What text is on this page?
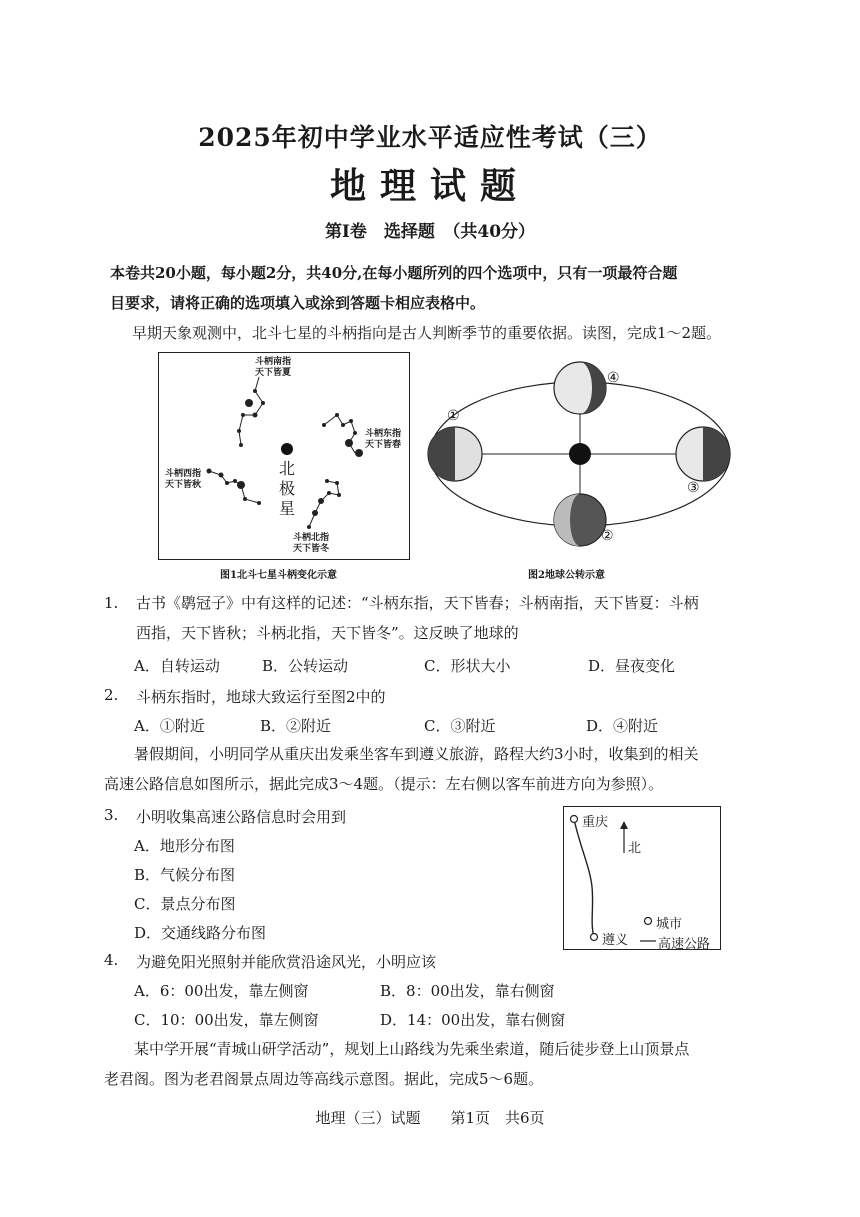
2025年初中学业水平适应性考试（三）
地理试题
第Ⅰ卷　选择题　（共40分）
本卷共20小题，每小题2分，共40分,在每小题所列的四个选项中，只有一项最符合题
目要求，请将正确的选项填入或涂到答题卡相应表格中。
早期天象观测中，北斗七星的斗柄指向是古人判断季节的重要依据。读图，完成1～2题。
斗柄南指
天下皆夏
斗柄东指
天下皆春
斗柄西指
天下皆秋
斗柄北指
天下皆冬
北
极
星
图1北斗七星斗柄变化示意
④
①
③
②
图2地球公转示意
1. 古书《鹖冠子》中有这样的记述：“斗柄东指，天下皆春；斗柄南指，天下皆夏：斗柄
西指，天下皆秋；斗柄北指，天下皆冬”。这反映了地球的
A．自转运动	B．公转运动	C．形状大小	D．昼夜变化
2. 斗柄东指时，地球大致运行至图2中的
A．①附近	B．②附近	C．③附近	D．④附近
暑假期间，小明同学从重庆出发乘坐客车到遵义旅游，路程大约3小时，收集到的相关
高速公路信息如图所示，据此完成3～4题。（提示：左右侧以客车前进方向为参照）。
3. 小明收集高速公路信息时会用到
A．地形分布图
B．气候分布图
C．景点分布图
D．交通线路分布图
重庆
遵义
北
城市
高速公路
4. 为避免阳光照射并能欣赏沿途风光，小明应该
A．6：00出发，靠左侧窗	B．8：00出发，靠右侧窗
C．10：00出发，靠左侧窗	D．14：00出发，靠右侧窗
某中学开展“青城山研学活动”，规划上山路线为先乘坐索道，随后徒步登上山顶景点
老君阁。图为老君阁景点周边等高线示意图。据此，完成5～6题。
地理（三）试题　　第1页　共6页
